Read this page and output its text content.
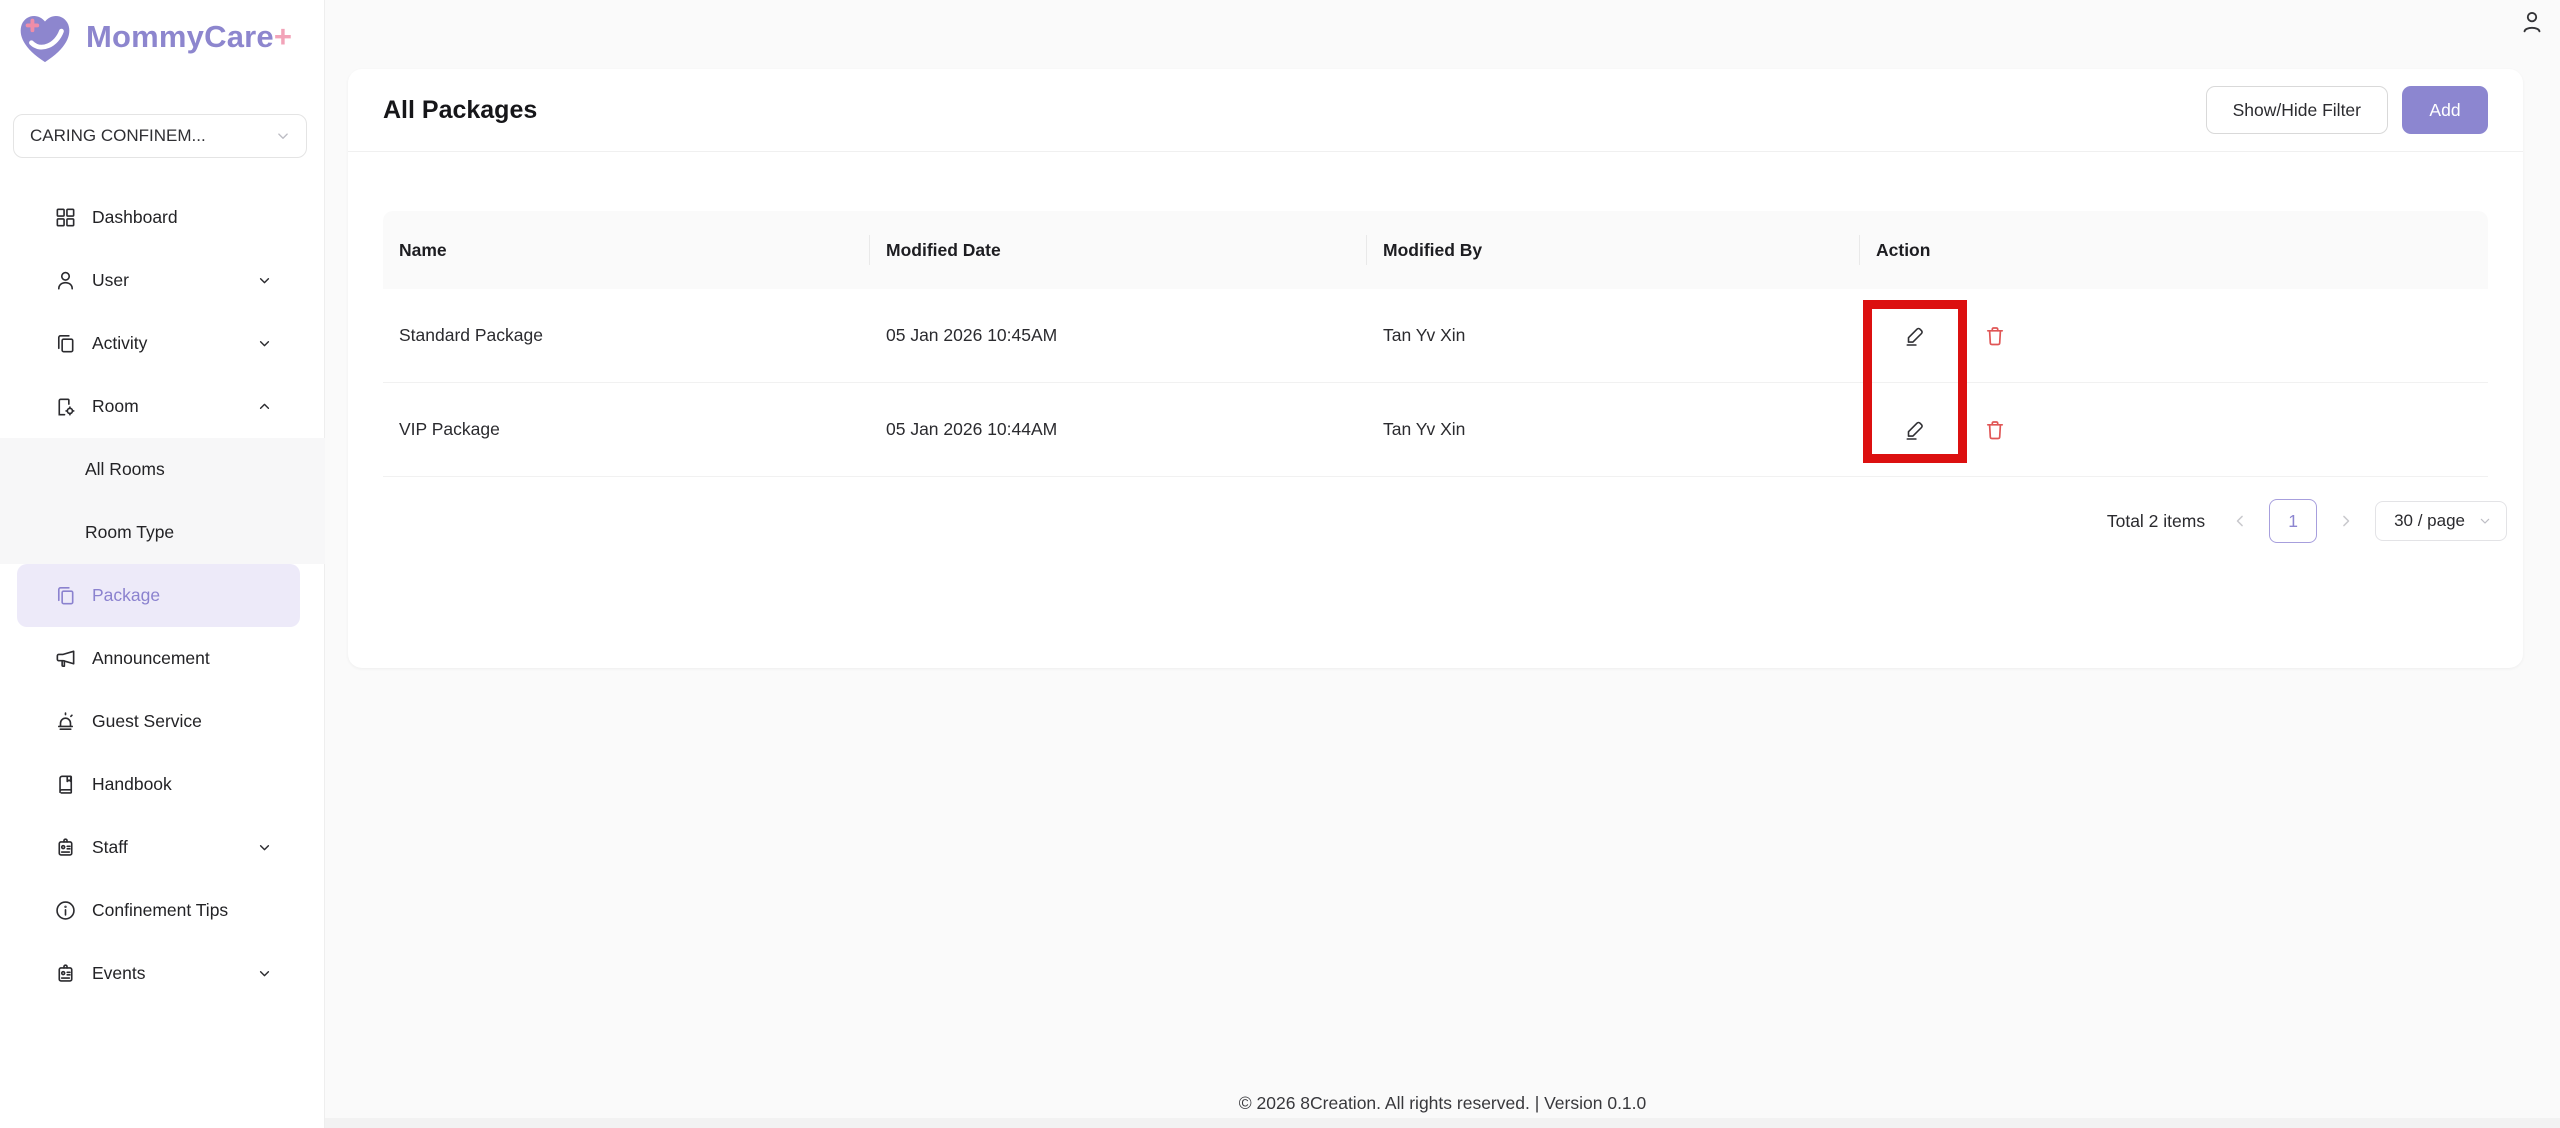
MommyCare+
CARING CONFINEM...
Dashboard
User
Activity
Room
All Rooms
Room Type
Package
Announcement
Guest Service
Handbook
Staff
Confinement Tips
Events
All Packages	Show/Hide Filter	Add
Name	Modified Date	Modified By	Action
Standard Package	05 Jan 2026 10:45AM	Tan Yv Xin
VIP Package	05 Jan 2026 10:44AM	Tan Yv Xin
Total 2 items	1	30 / page
© 2026 8Creation. All rights reserved. | Version 0.1.0
